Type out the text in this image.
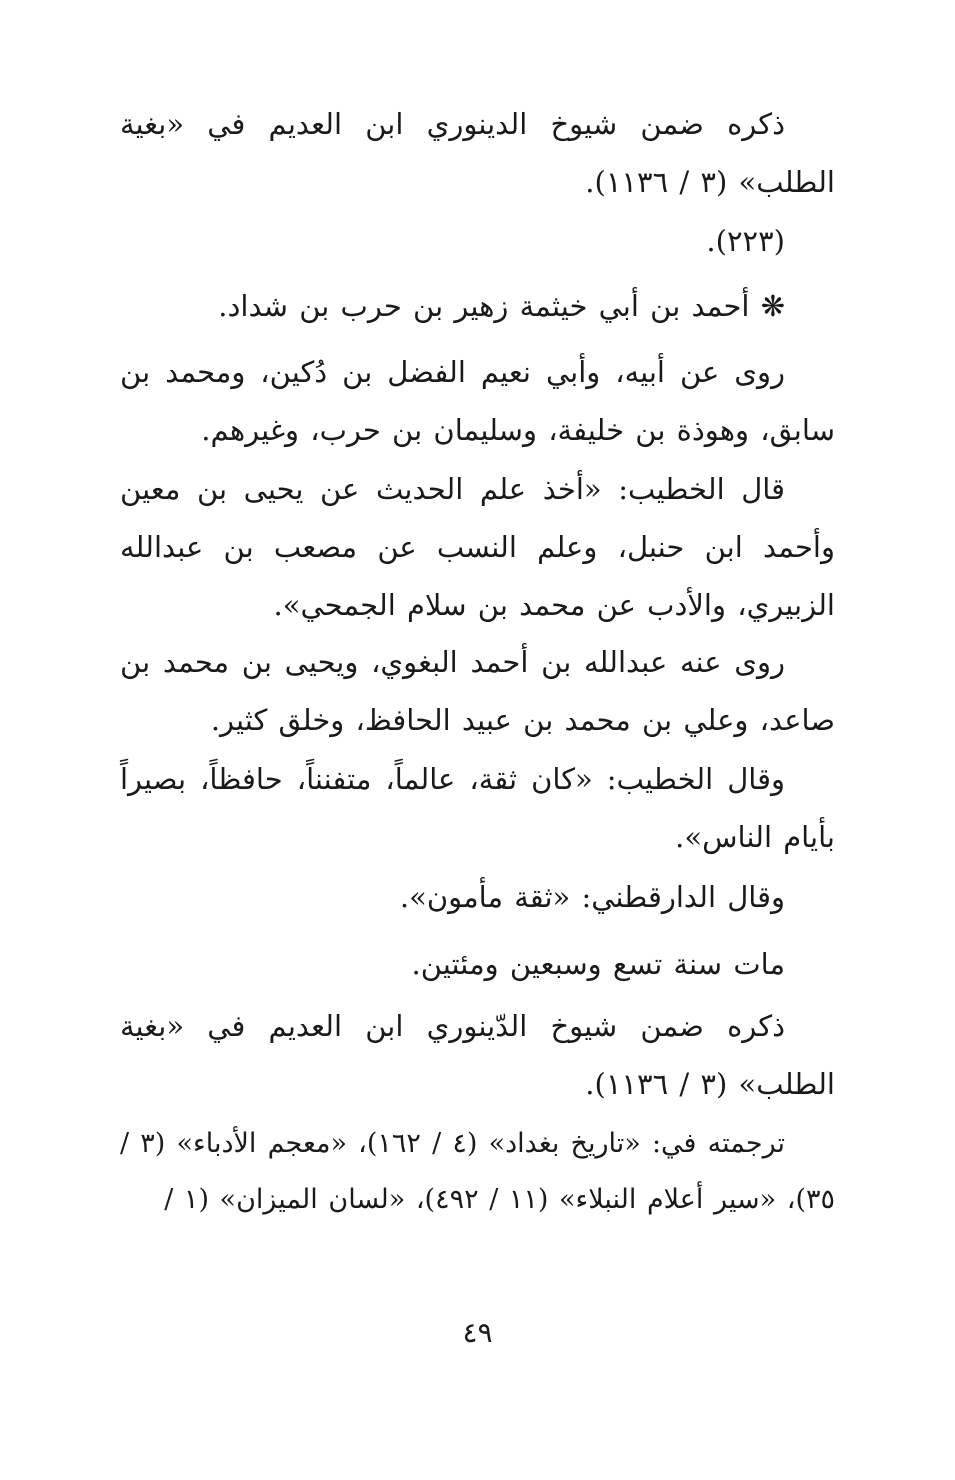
ذكره ضمن شيوخ الدينوري ابن العديم في «بغية الطلب» (٣ / ١١٣٦).

(٢٢٣).

❋ أحمد بن أبي خيثمة زهير بن حرب بن شداد.

روى عن أبيه، وأبي نعيم الفضل بن دُكين، ومحمد بن سابق، وهوذة بن خليفة، وسليمان بن حرب، وغيرهم.

قال الخطيب: «أخذ علم الحديث عن يحيى بن معين وأحمد ابن حنبل، وعلم النسب عن مصعب بن عبدالله الزبيري، والأدب عن محمد بن سلام الجمحي».

روى عنه عبدالله بن أحمد البغوي، ويحيى بن محمد بن صاعد، وعلي بن محمد بن عبيد الحافظ، وخلق كثير.

وقال الخطيب: «كان ثقة، عالماً، متفنناً، حافظاً، بصيراً بأيام الناس».

وقال الدارقطني: «ثقة مأمون».

مات سنة تسع وسبعين ومئتين.

ذكره ضمن شيوخ الدّينوري ابن العديم في «بغية الطلب» (٣ / ١١٣٦).

ترجمته في: «تاريخ بغداد» (٤ / ١٦٢)، «معجم الأدباء» (٣ / ٣٥)، «سير أعلام النبلاء» (١١ / ٤٩٢)، «لسان الميزان» (١ /

٤٩
